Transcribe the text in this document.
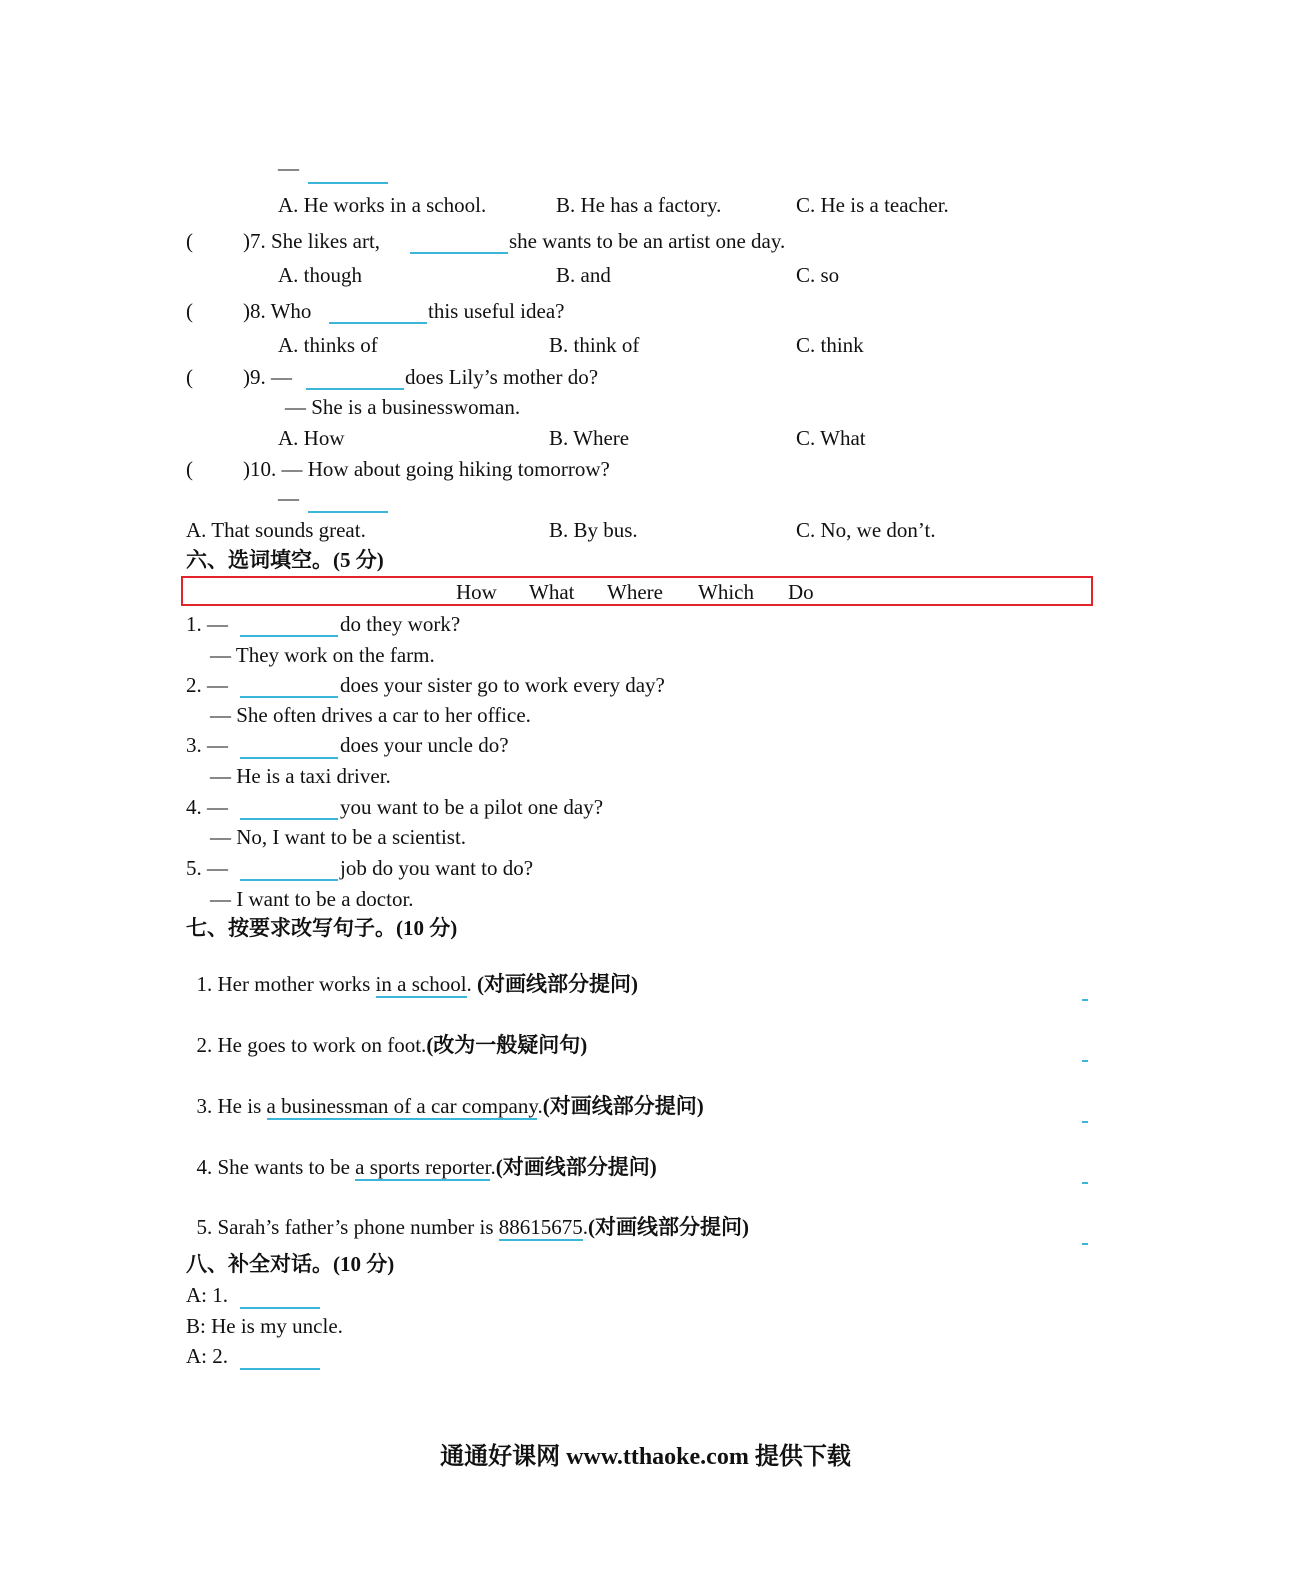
—
A. He works in a school.	B. He has a factory.	C. He is a teacher.
( )7. She likes art,	she wants to be an artist one day.
A. though	B. and	C. so
( )8. Who	this useful idea?
A. thinks of	B. think of	C. think
( )9. —	does Lily’s mother do?
— She is a businesswoman.
A. How	B. Where	C. What
( )10. — How about going hiking tomorrow?
—
A. That sounds great.	B. By bus.	C. No, we don’t.
六、选词填空。(5 分)
How What Where Which Do
1. —	do they work?
— They work on the farm.
2. —	does your sister go to work every day?
— She often drives a car to her office.
3. —	does your uncle do?
— He is a taxi driver.
4. —	you want to be a pilot one day?
— No, I want to be a scientist.
5. —	job do you want to do?
— I want to be a doctor.
七、按要求改写句子。(10 分)

1. Her mother works in a school. (对画线部分提问)

2. He goes to work on foot.(改为一般疑问句)

3. He is a businessman of a car company.(对画线部分提问)

4. She wants to be a sports reporter.(对画线部分提问)

5. Sarah’s father’s phone number is 88615675.(对画线部分提问)

八、补全对话。(10 分)
A: 1.
B: He is my uncle.
A: 2.
通通好课网 www.tthaoke.com 提供下载
